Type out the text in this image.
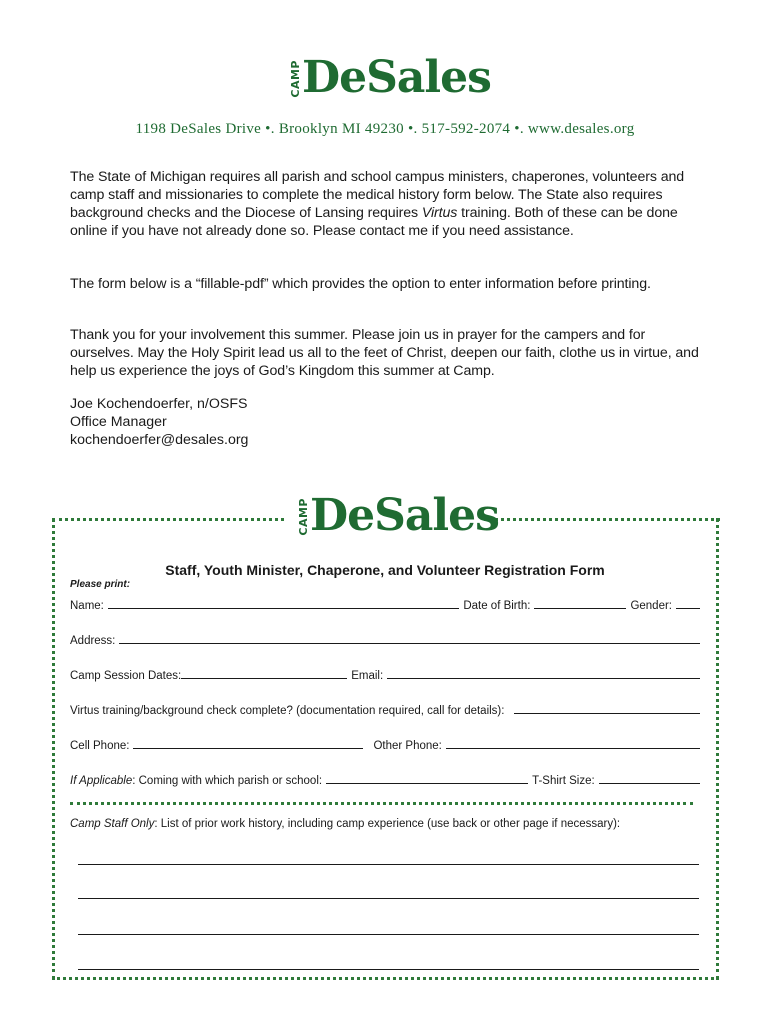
CAMP DeSales
1198 DeSales Drive •. Brooklyn MI 49230 •. 517-592-2074 •. www.desales.org

The State of Michigan requires all parish and school campus ministers, chaperones, volunteers and camp staff and missionaries to complete the medical history form below. The State also requires background checks and the Diocese of Lansing requires Virtus training. Both of these can be done online if you have not already done so. Please contact me if you need assistance.

The form below is a “fillable-pdf” which provides the option to enter information before printing.

Thank you for your involvement this summer. Please join us in prayer for the campers and for ourselves. May the Holy Spirit lead us all to the feet of Christ, deepen our faith, clothe us in virtue, and help us experience the joys of God’s Kingdom this summer at Camp.

Joe Kochendoerfer, n/OSFS
Office Manager
kochendoerfer@desales.org
CAMP DeSales
Staff, Youth Minister, Chaperone, and Volunteer Registration Form
Please print:
Name:	Date of Birth:	Gender:
Address:
Camp Session Dates:	Email:
Virtus training/background check complete? (documentation required, call for details):
Cell Phone:	Other Phone:
If Applicable : Coming with which parish or school:	T-Shirt Size:
Camp Staff Only : List of prior work history, including camp experience (use back or other page if necessary):
